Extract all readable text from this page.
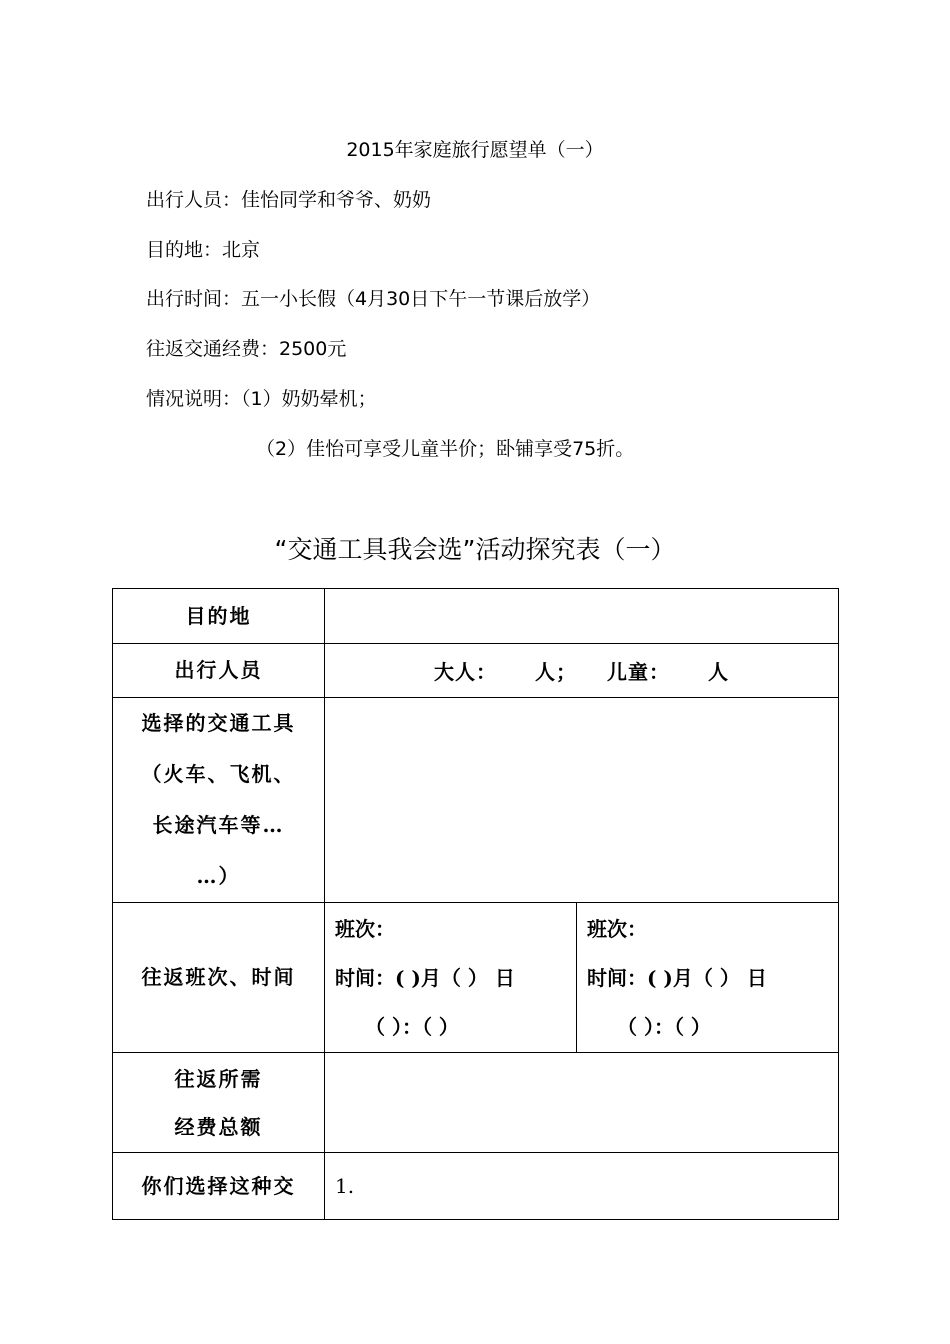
2015年家庭旅行愿望单（一）
出行人员：佳怡同学和爷爷、奶奶
目的地：北京
出行时间：五一小长假（4月30日下午一节课后放学）
往返交通经费：2500元
情况说明：（1）奶奶晕机；
（2）佳怡可享受儿童半价；卧铺享受75折。
“交通工具我会选”活动探究表（一）
目的地		

出行人员	大人： 人； 儿童： 人	

选择的交通工具
（火车、飞机、
长途汽车等…
…）		

往返班次、时间	班次：
时间：( )月（ ） 日
（ ）：（ ）	班次：
时间：( )月（ ） 日
（ ）：（ ）

往返所需
经费总额		

你们选择这种交	1.	
